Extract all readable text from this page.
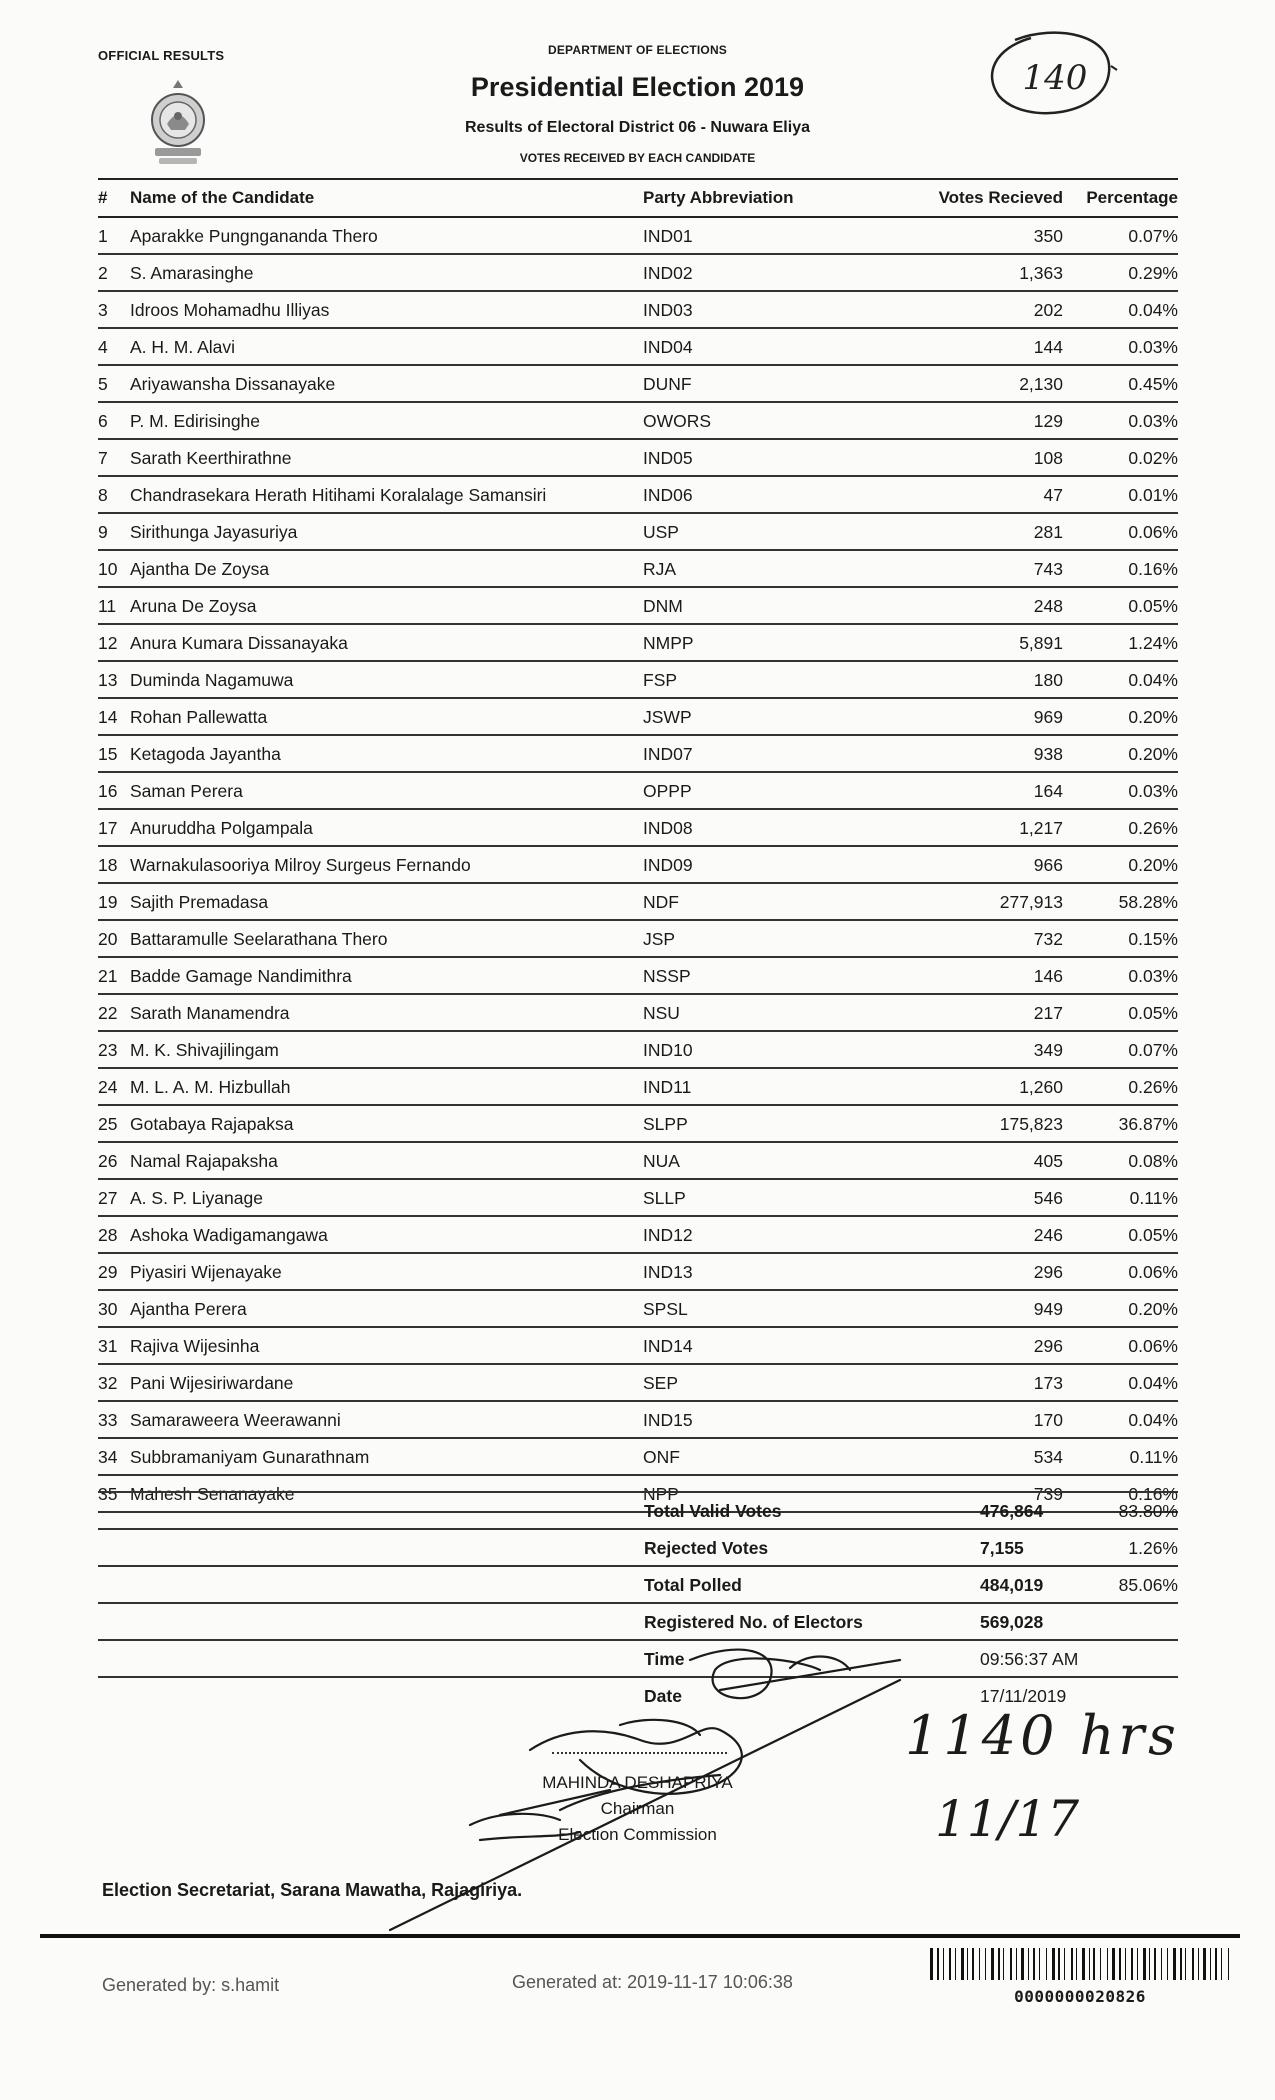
OFFICIAL RESULTS	DEPARTMENT OF ELECTIONS
Presidential Election 2019
Results of Electoral District 06 - Nuwara Eliya
VOTES RECEIVED BY EACH CANDIDATE
140
#	Name of the Candidate	Party Abbreviation	Votes Recieved	Percentage
1	Aparakke Pungngananda Thero	IND01	350	0.07%
2	S. Amarasinghe	IND02	1,363	0.29%
3	Idroos Mohamadhu Illiyas	IND03	202	0.04%
4	A. H. M. Alavi	IND04	144	0.03%
5	Ariyawansha Dissanayake	DUNF	2,130	0.45%
6	P. M. Edirisinghe	OWORS	129	0.03%
7	Sarath Keerthirathne	IND05	108	0.02%
8	Chandrasekara Herath Hitihami Koralalage Samansiri	IND06	47	0.01%
9	Sirithunga Jayasuriya	USP	281	0.06%
10	Ajantha De Zoysa	RJA	743	0.16%
11	Aruna De Zoysa	DNM	248	0.05%
12	Anura Kumara Dissanayaka	NMPP	5,891	1.24%
13	Duminda Nagamuwa	FSP	180	0.04%
14	Rohan Pallewatta	JSWP	969	0.20%
15	Ketagoda Jayantha	IND07	938	0.20%
16	Saman Perera	OPPP	164	0.03%
17	Anuruddha Polgampala	IND08	1,217	0.26%
18	Warnakulasooriya Milroy Surgeus Fernando	IND09	966	0.20%
19	Sajith Premadasa	NDF	277,913	58.28%
20	Battaramulle Seelarathana Thero	JSP	732	0.15%
21	Badde Gamage Nandimithra	NSSP	146	0.03%
22	Sarath Manamendra	NSU	217	0.05%
23	M. K. Shivajilingam	IND10	349	0.07%
24	M. L. A. M. Hizbullah	IND11	1,260	0.26%
25	Gotabaya Rajapaksa	SLPP	175,823	36.87%
26	Namal Rajapaksha	NUA	405	0.08%
27	A. S. P. Liyanage	SLLP	546	0.11%
28	Ashoka Wadigamangawa	IND12	246	0.05%
29	Piyasiri Wijenayake	IND13	296	0.06%
30	Ajantha Perera	SPSL	949	0.20%
31	Rajiva Wijesinha	IND14	296	0.06%
32	Pani Wijesiriwardane	SEP	173	0.04%
33	Samaraweera Weerawanni	IND15	170	0.04%
34	Subbramaniyam Gunarathnam	ONF	534	0.11%
35	Mahesh Senanayake	NPP	739	0.16%
	Total Valid Votes	476,864	83.80%
	Rejected Votes	7,155	1.26%
	Total Polled	484,019	85.06%
	Registered No. of Electors	569,028	
	Time	09:56:37 AM	
	Date	17/11/2019	
MAHINDA DESHAPRIYA
Chairman
Election Commission
1140 hrs
11/17
Election Secretariat, Sarana Mawatha, Rajagiriya.
Generated by: s.hamit	Generated at: 2019-11-17 10:06:38
0000000020826
